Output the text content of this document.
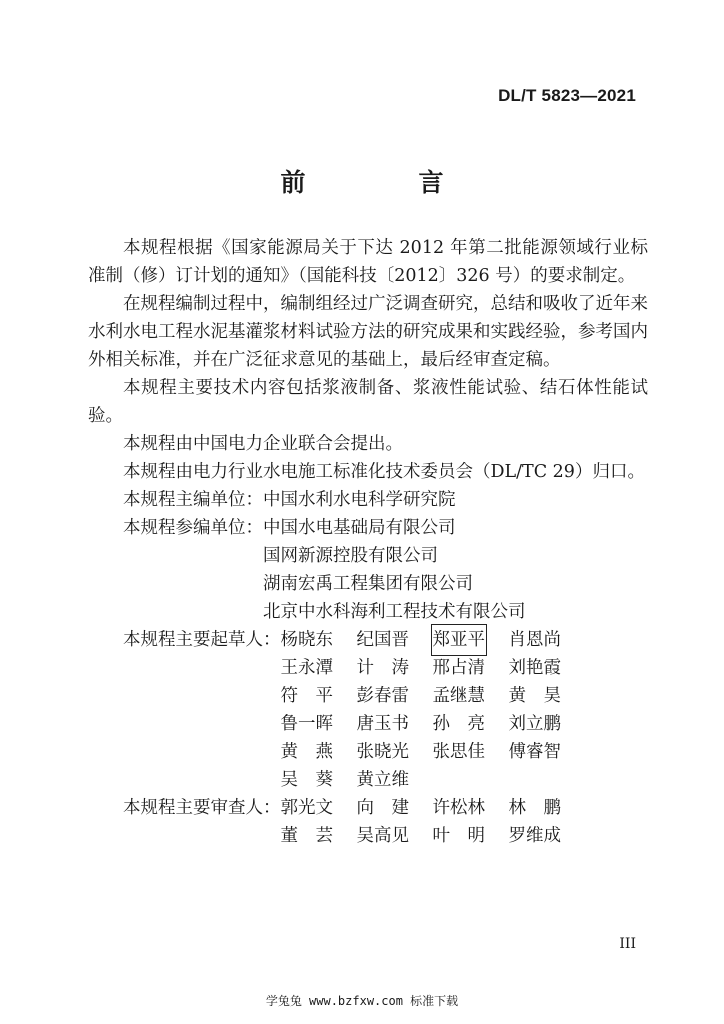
DL/T 5823—2021
前　言

本规程根据《国家能源局关于下达 2012 年第二批能源领域行业标准制（修）订计划的通知》（国能科技〔2012〕326 号）的要求制定。

在规程编制过程中，编制组经过广泛调查研究，总结和吸收了近年来水利水电工程水泥基灌浆材料试验方法的研究成果和实践经验，参考国内外相关标准，并在广泛征求意见的基础上，最后经审查定稿。

本规程主要技术内容包括浆液制备、浆液性能试验、结石体性能试验。

本规程由中国电力企业联合会提出。

本规程由电力行业水电施工标准化技术委员会（DL/TC 29）归口。

本规程主编单位： 中国水利水电科学研究院
本规程参编单位： 中国水电基础局有限公司
国网新源控股有限公司
湖南宏禹工程集团有限公司
北京中水科海利工程技术有限公司
本规程主要起草人： 杨晓东	纪国晋	郑亚平 肖恩尚
王永潭	计　涛	邢占清	刘艳霞
符　平	彭春雷	孟继慧	黄　昊
鲁一晖	唐玉书	孙　亮	刘立鹏
黄　燕	张晓光	张思佳	傅睿智
吴　葵	黄立维
本规程主要审查人： 郭光文	向　建	许松林	林　鹏
董　芸	吴高见	叶　明	罗维成
III
学兔兔 www.bzfxw.com 标准下载
